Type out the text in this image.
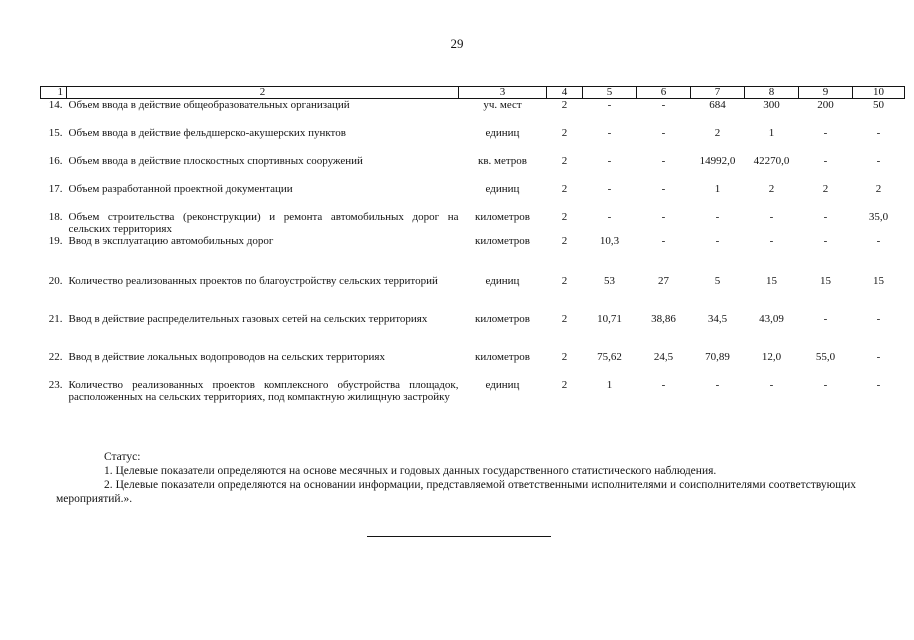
29
1	2	3	4	5	6	7	8	9	10
14.	Объем ввода в действие общеобразовательных организаций	уч. мест	2	-	-	684	300	200	50
15.	Объем ввода в действие фельдшерско-акушерских пунктов	единиц	2	-	-	2	1	-	-
16.	Объем ввода в действие плоскостных спортивных сооружений	кв. метров	2	-	-	14992,0	42270,0	-	-
17.	Объем разработанной проектной документации	единиц	2	-	-	1	2	2	2
18.	Объем строительства (реконструкции) и ремонта автомобильных дорог на сельских территориях	километров	2	-	-	-	-	-	35,0
19.	Ввод в эксплуатацию автомобильных дорог	километров	2	10,3	-	-	-	-	-
20.	Количество реализованных проектов по благоустройству сельских территорий	единиц	2	53	27	5	15	15	15
21.	Ввод в действие распределительных газовых сетей на сельских территориях	километров	2	10,71	38,86	34,5	43,09	-	-
22.	Ввод в действие локальных водопроводов на сельских территориях	километров	2	75,62	24,5	70,89	12,0	55,0	-
23.	Количество реализованных проектов комплексного обустройства площадок, расположенных на сельских территориях, под компактную жилищную застройку	единиц	2	1	-	-	-	-	-
Статус:
1. Целевые показатели определяются на основе месячных и годовых данных государственного статистического наблюдения.
2. Целевые показатели определяются на основании информации, представляемой ответственными исполнителями и соисполнителями соответствующих мероприятий.».
